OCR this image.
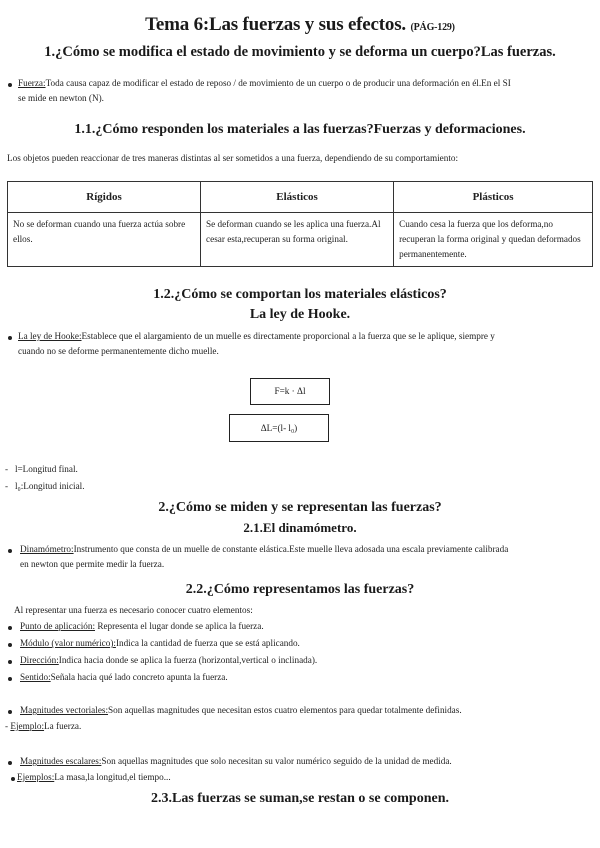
Tema 6:Las fuerzas y sus efectos. (PÁG-129)
1.¿Cómo se modifica el estado de movimiento y se deforma un cuerpo?Las fuerzas.
Fuerza:Toda causa capaz de modificar el estado de reposo / de movimiento de un cuerpo o de producir una deformación en él.En el SI
se mide en newton (N).
1.1.¿Cómo responden los materiales a las fuerzas?Fuerzas y deformaciones.
Los objetos pueden reaccionar de tres maneras distintas al ser sometidos a una fuerza, dependiendo de su comportamiento:
Rígidos	Elásticos	Plásticos
No se deforman cuando una fuerza actúa sobre ellos.	Se deforman cuando se les aplica una fuerza.Al cesar esta,recuperan su forma original.	Cuando cesa la fuerza que los deforma,no recuperan la forma original y quedan deformados permanentemente.
1.2.¿Cómo se comportan los materiales elásticos?
La ley de Hooke.
La ley de Hooke:Establece que el alargamiento de un muelle es directamente proporcional a la fuerza que se le aplique, siempre y
cuando no se deforme permanentemente dicho muelle.
F=k · Δl
ΔL=(l- l₀)
-   l=Longitud final.
-   l₀:Longitud inicial.
2.¿Cómo se miden y se representan las fuerzas?
2.1.El dinamómetro.
Dinamómetro:Instrumento que consta de un muelle de constante elástica.Este muelle lleva adosada una escala previamente calibrada
en newton que permite medir la fuerza.
2.2.¿Cómo representamos las fuerzas?
Al representar una fuerza es necesario conocer cuatro elementos:
Punto de aplicación: Representa el lugar donde se aplica la fuerza.
Módulo (valor numérico):Indica la cantidad de fuerza que se está aplicando.
Dirección:Indica hacia donde se aplica la fuerza (horizontal,vertical o inclinada).
Sentido:Señala hacia qué lado concreto apunta la fuerza.
Magnitudes vectoriales:Son aquellas magnitudes que necesitan estos cuatro elementos para quedar totalmente definidas.
- Ejemplo:La fuerza.
Magnitudes escalares:Son aquellas magnitudes que solo necesitan su valor numérico seguido de la unidad de medida.
Ejemplos:La masa,la longitud,el tiempo...
2.3.Las fuerzas se suman,se restan o se componen.
